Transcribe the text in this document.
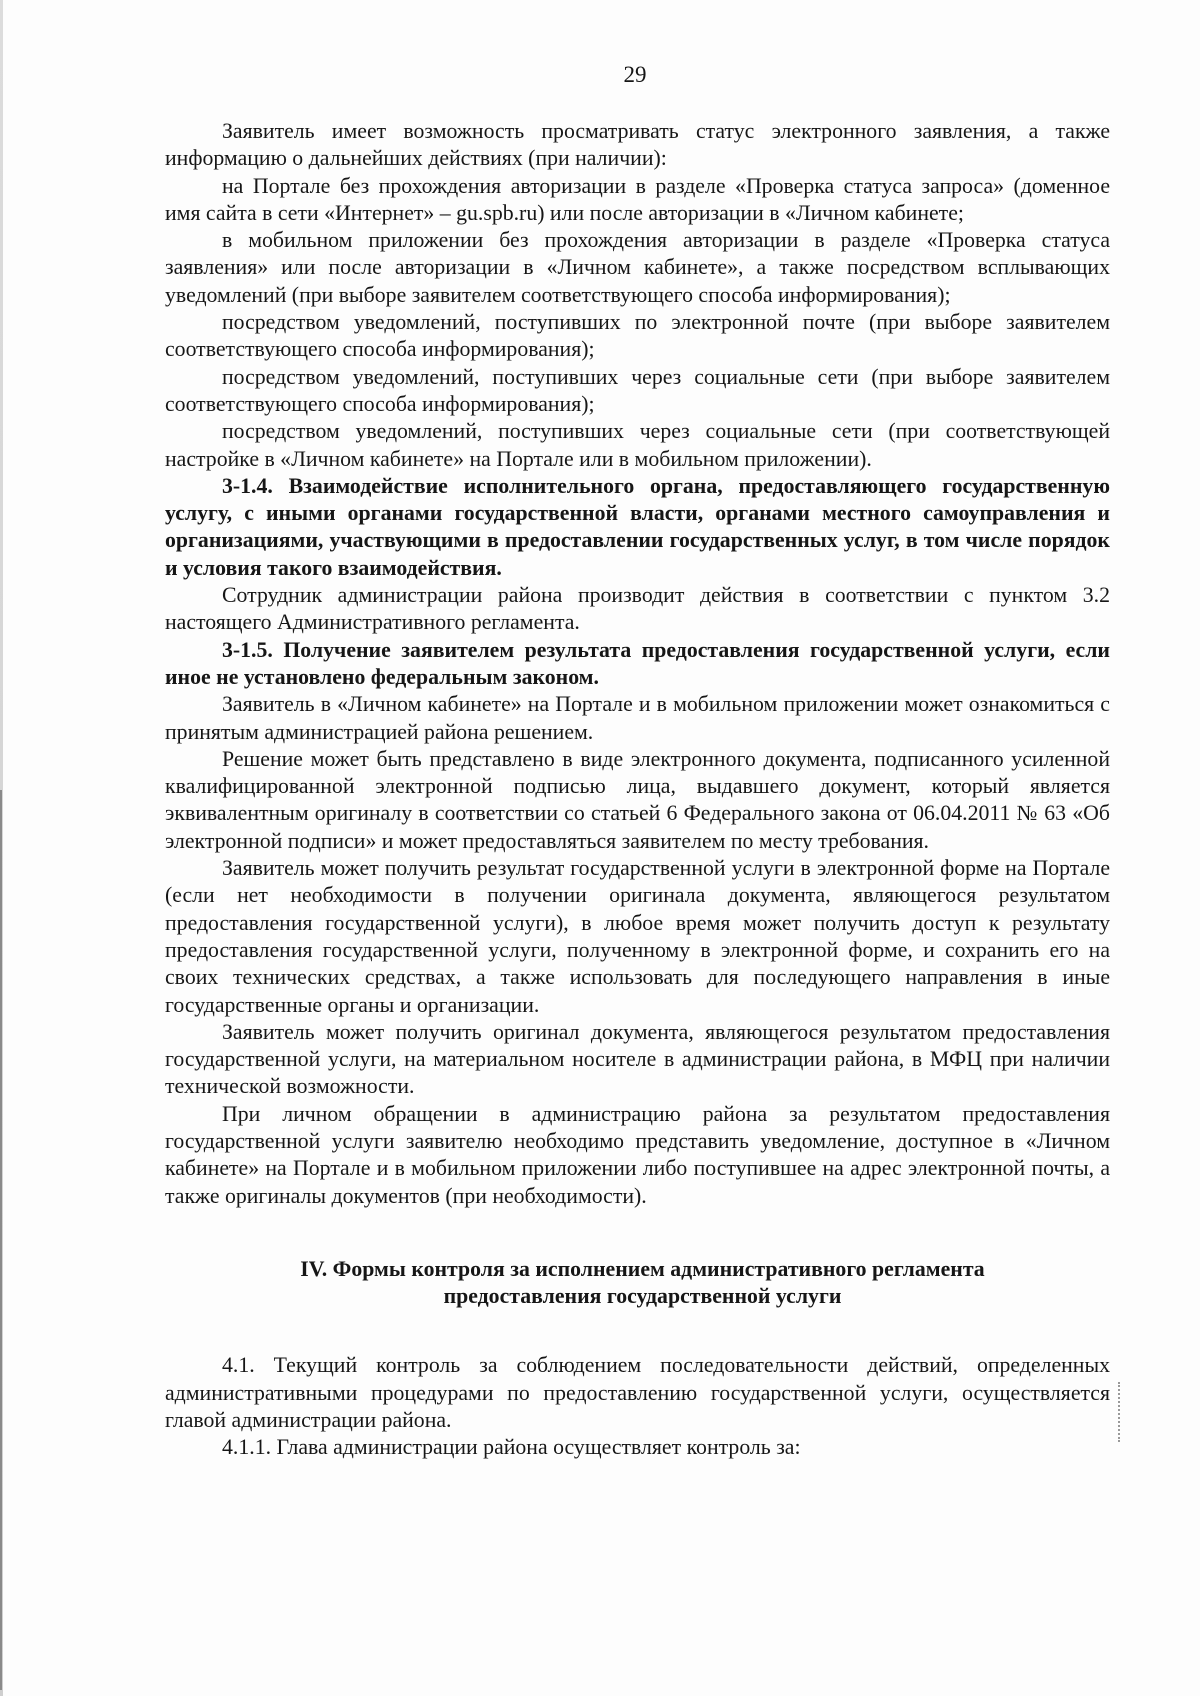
29

Заявитель имеет возможность просматривать статус электронного заявления, а также информацию о дальнейших действиях (при наличии):

на Портале без прохождения авторизации в разделе «Проверка статуса запроса» (доменное имя сайта в сети «Интернет» – gu.spb.ru) или после авторизации в «Личном кабинете;

в мобильном приложении без прохождения авторизации в разделе «Проверка статуса заявления» или после авторизации в «Личном кабинете», а также посредством всплывающих уведомлений (при выборе заявителем соответствующего способа информирования);

посредством уведомлений, поступивших по электронной почте (при выборе заявителем соответствующего способа информирования);

посредством уведомлений, поступивших через социальные сети (при выборе заявителем соответствующего способа информирования);

посредством уведомлений, поступивших через социальные сети (при соответствующей настройке в «Личном кабинете» на Портале или в мобильном приложении).

3-1.4. Взаимодействие исполнительного органа, предоставляющего государственную услугу, с иными органами государственной власти, органами местного самоуправления и организациями, участвующими в предоставлении государственных услуг, в том числе порядок и условия такого взаимодействия.

Сотрудник администрации района производит действия в соответствии с пунктом 3.2 настоящего Административного регламента.

3-1.5. Получение заявителем результата предоставления государственной услуги, если иное не установлено федеральным законом.

Заявитель в «Личном кабинете» на Портале и в мобильном приложении может ознакомиться с принятым администрацией района решением.

Решение может быть представлено в виде электронного документа, подписанного усиленной квалифицированной электронной подписью лица, выдавшего документ, который является эквивалентным оригиналу в соответствии со статьей 6 Федерального закона от 06.04.2011 № 63 «Об электронной подписи» и может предоставляться заявителем по месту требования.

Заявитель может получить результат государственной услуги в электронной форме на Портале (если нет необходимости в получении оригинала документа, являющегося результатом предоставления государственной услуги), в любое время может получить доступ к результату предоставления государственной услуги, полученному в электронной форме, и сохранить его на своих технических средствах, а также использовать для последующего направления в иные государственные органы и организации.

Заявитель может получить оригинал документа, являющегося результатом предоставления государственной услуги, на материальном носителе в администрации района, в МФЦ при наличии технической возможности.

При личном обращении в администрацию района за результатом предоставления государственной услуги заявителю необходимо представить уведомление, доступное в «Личном кабинете» на Портале и в мобильном приложении либо поступившее на адрес электронной почты, а также оригиналы документов (при необходимости).

IV. Формы контроля за исполнением административного регламента
предоставления государственной услуги

4.1. Текущий контроль за соблюдением последовательности действий, определенных административными процедурами по предоставлению государственной услуги, осуществляется главой администрации района.

4.1.1. Глава администрации района осуществляет контроль за:
